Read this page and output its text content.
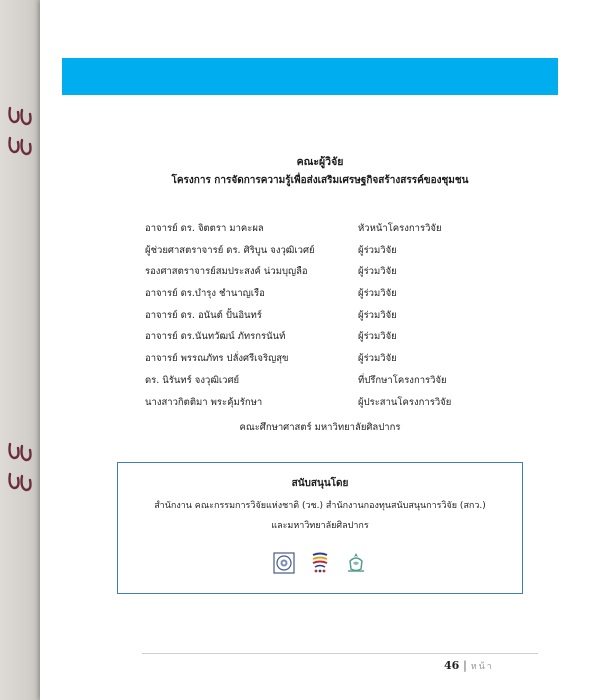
คณะผู้วิจัย
โครงการ การจัดการความรู้เพื่อส่งเสริมเศรษฐกิจสร้างสรรค์ของชุมชน
อาจารย์ ดร. จิตตรา มาคะผล	หัวหน้าโครงการวิจัย
ผู้ช่วยศาสตราจารย์ ดร. ศิริบูน จงวุฒิเวศย์	ผู้ร่วมวิจัย
รองศาสตราจารย์สมประสงค์ น่วมบุญลือ	ผู้ร่วมวิจัย
อาจารย์ ดร.บำรุง ชำนาญเรือ	ผู้ร่วมวิจัย
อาจารย์ ดร. อนันต์ ปั้นอินทร์	ผู้ร่วมวิจัย
อาจารย์ ดร.นันทวัฒน์ ภัทรกรนันท์	ผู้ร่วมวิจัย
อาจารย์ พรรณภัทร ปลั่งศรีเจริญสุข	ผู้ร่วมวิจัย
ดร. นิรันทร์ จงวุฒิเวศย์	ที่ปรึกษาโครงการวิจัย
นางสาวกิตติมา พระคุ้มรักษา	ผู้ประสานโครงการวิจัย
คณะศึกษาศาสตร์ มหาวิทยาลัยศิลปากร
สนับสนุนโดย
สำนักงาน คณะกรรมการวิจัยแห่งชาติ (วช.) สำนักงานกองทุนสนับสนุนการวิจัย (สกว.)
และมหาวิทยาลัยศิลปากร
46 | หน้า
